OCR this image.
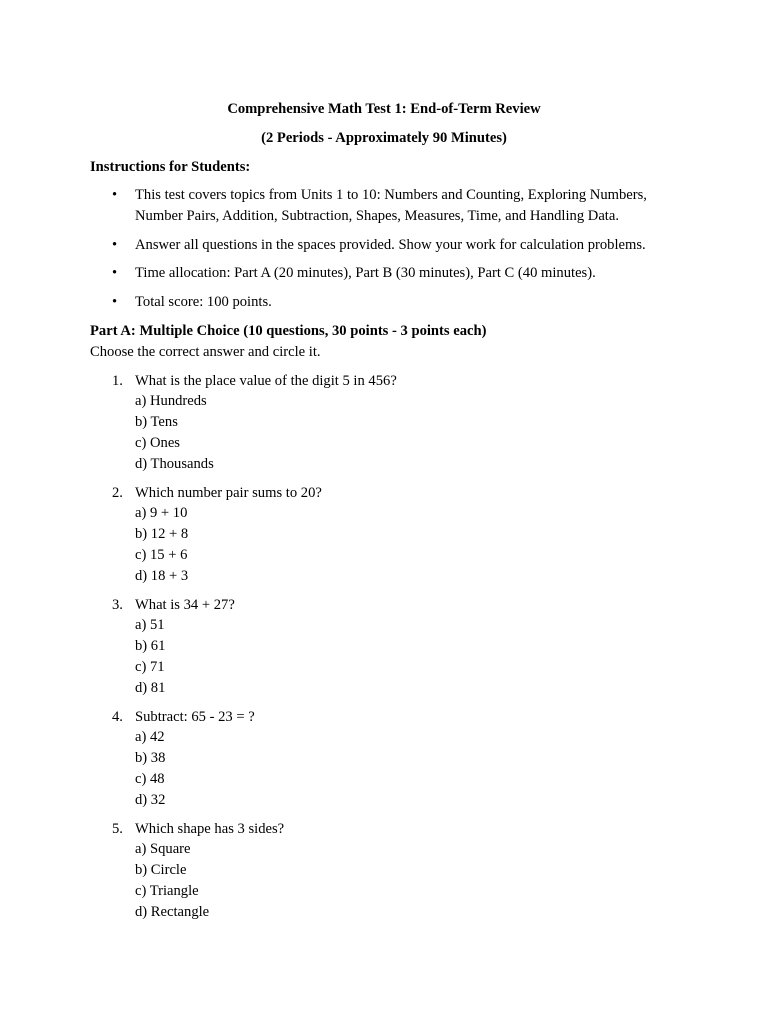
Comprehensive Math Test 1: End-of-Term Review

(2 Periods - Approximately 90 Minutes)

Instructions for Students:

• This test covers topics from Units 1 to 10: Numbers and Counting, Exploring Numbers, Number Pairs, Addition, Subtraction, Shapes, Measures, Time, and Handling Data.
• Answer all questions in the spaces provided. Show your work for calculation problems.
• Time allocation: Part A (20 minutes), Part B (30 minutes), Part C (40 minutes).
• Total score: 100 points.

Part A: Multiple Choice (10 questions, 30 points - 3 points each)

Choose the correct answer and circle it.

1. What is the place value of the digit 5 in 456?
a) Hundreds
b) Tens
c) Ones
d) Thousands
2. Which number pair sums to 20?
a) 9 + 10
b) 12 + 8
c) 15 + 6
d) 18 + 3
3. What is 34 + 27?
a) 51
b) 61
c) 71
d) 81
4. Subtract: 65 - 23 = ?
a) 42
b) 38
c) 48
d) 32
5. Which shape has 3 sides?
a) Square
b) Circle
c) Triangle
d) Rectangle
